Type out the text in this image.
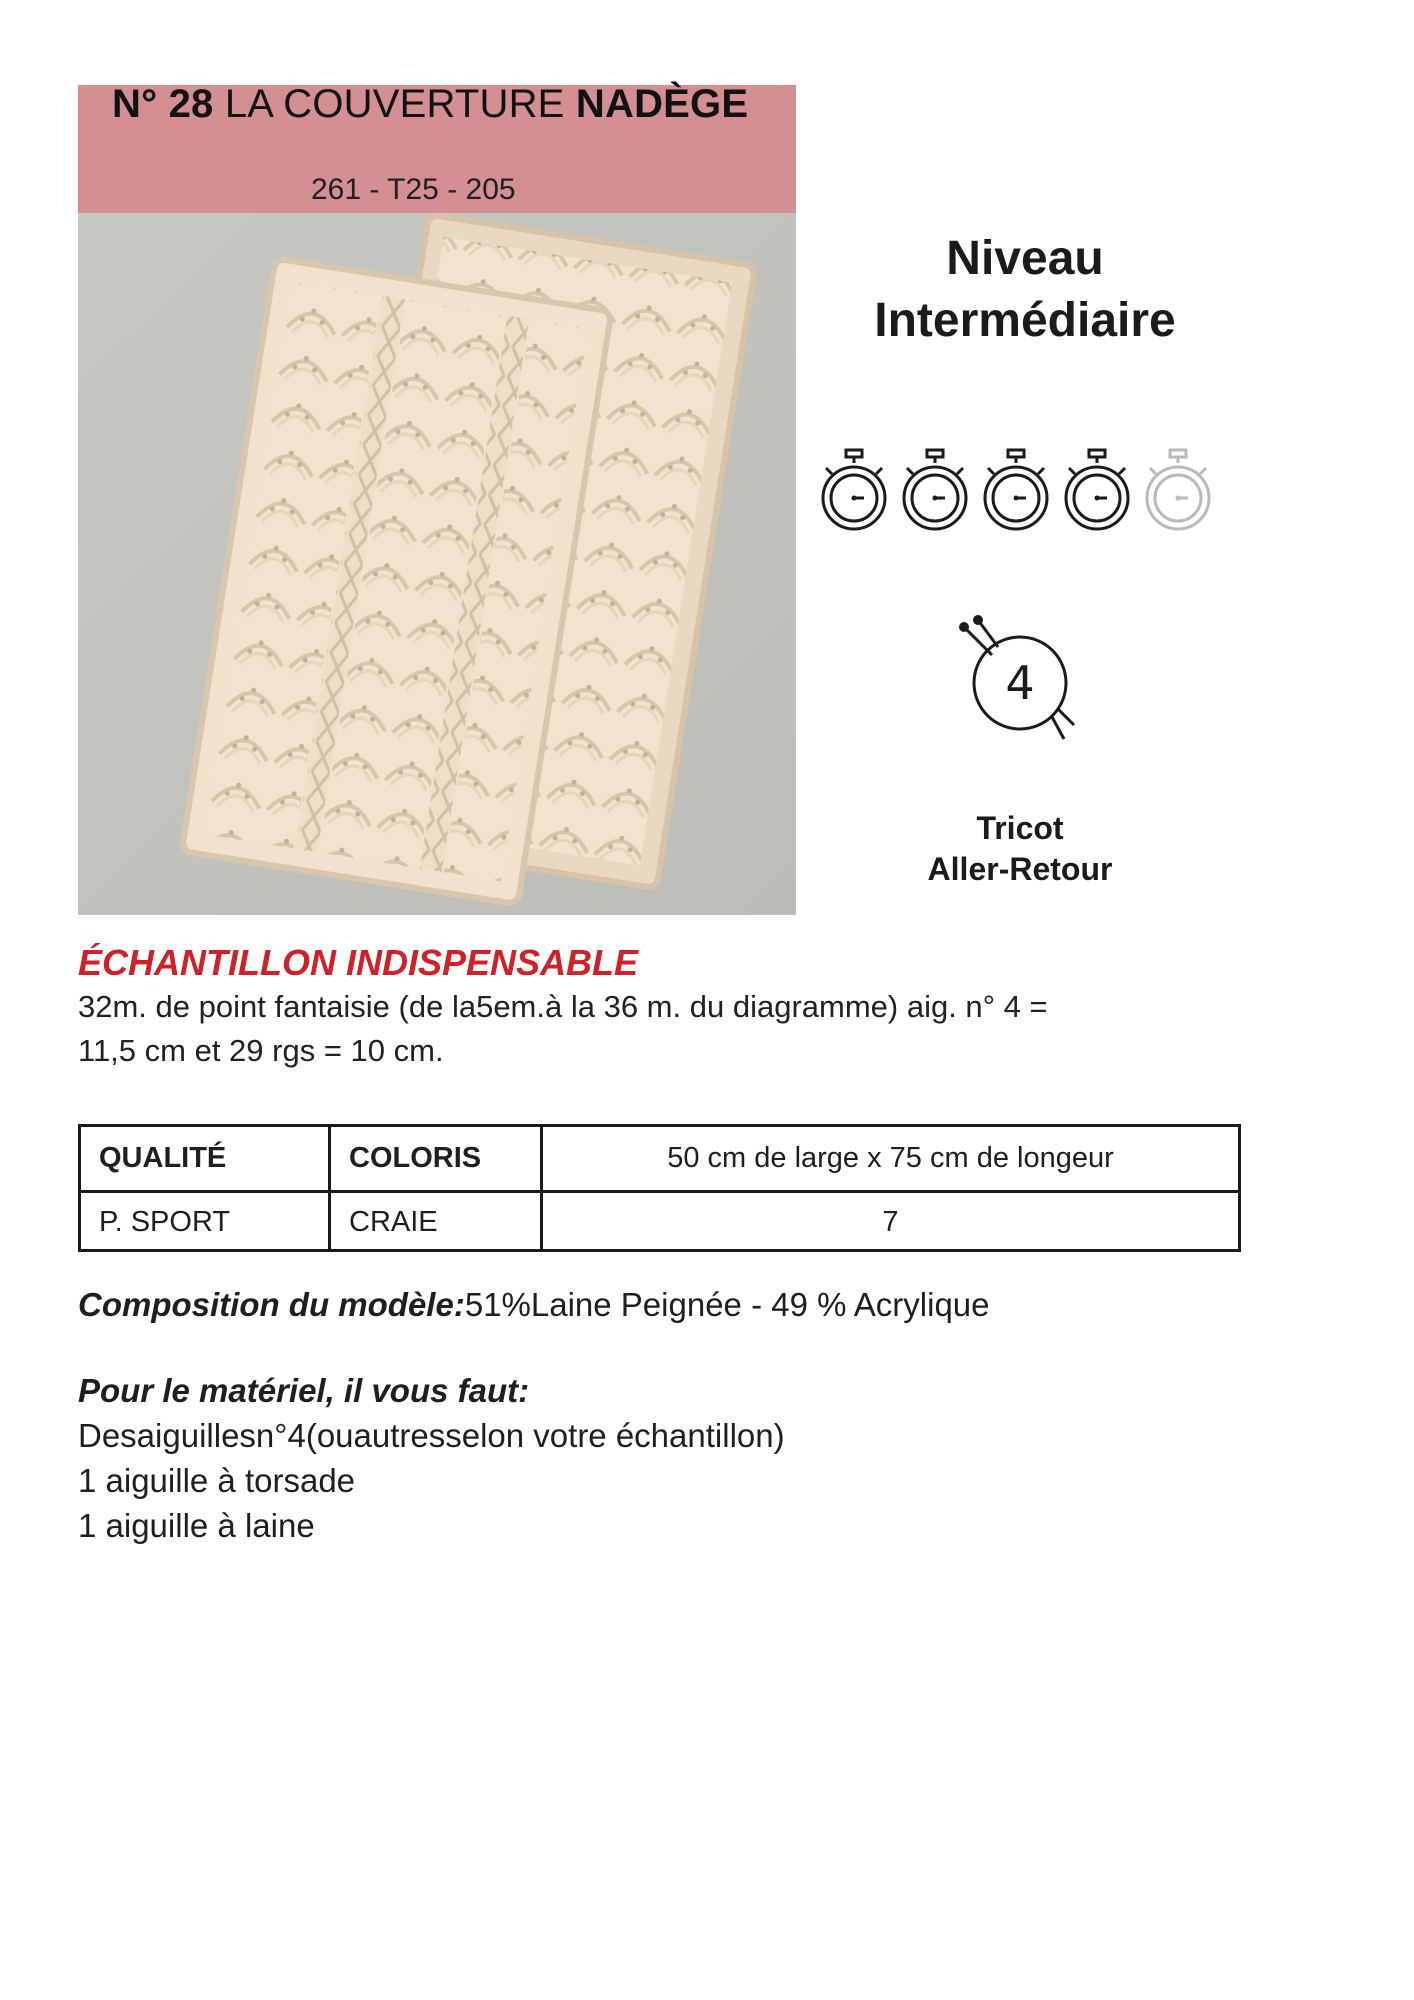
N° 28 LA COUVERTURE NADÈGE
261 - T25 - 205
Niveau
Intermédiaire
4
Tricot
Aller-Retour
ÉCHANTILLON INDISPENSABLE
32m. de point fantaisie (de la5em.à la 36 m. du diagramme) aig. n° 4 =
11,5 cm et 29 rgs = 10 cm.
QUALITÉ	COLORIS	50 cm de large x 75 cm de longeur
P. SPORT	CRAIE	7
Composition du modèle:51%Laine Peignée - 49 % Acrylique
Pour le matériel, il vous faut:
Desaiguillesn°4(ouautresselon votre échantillon)
1 aiguille à torsade
1 aiguille à laine
